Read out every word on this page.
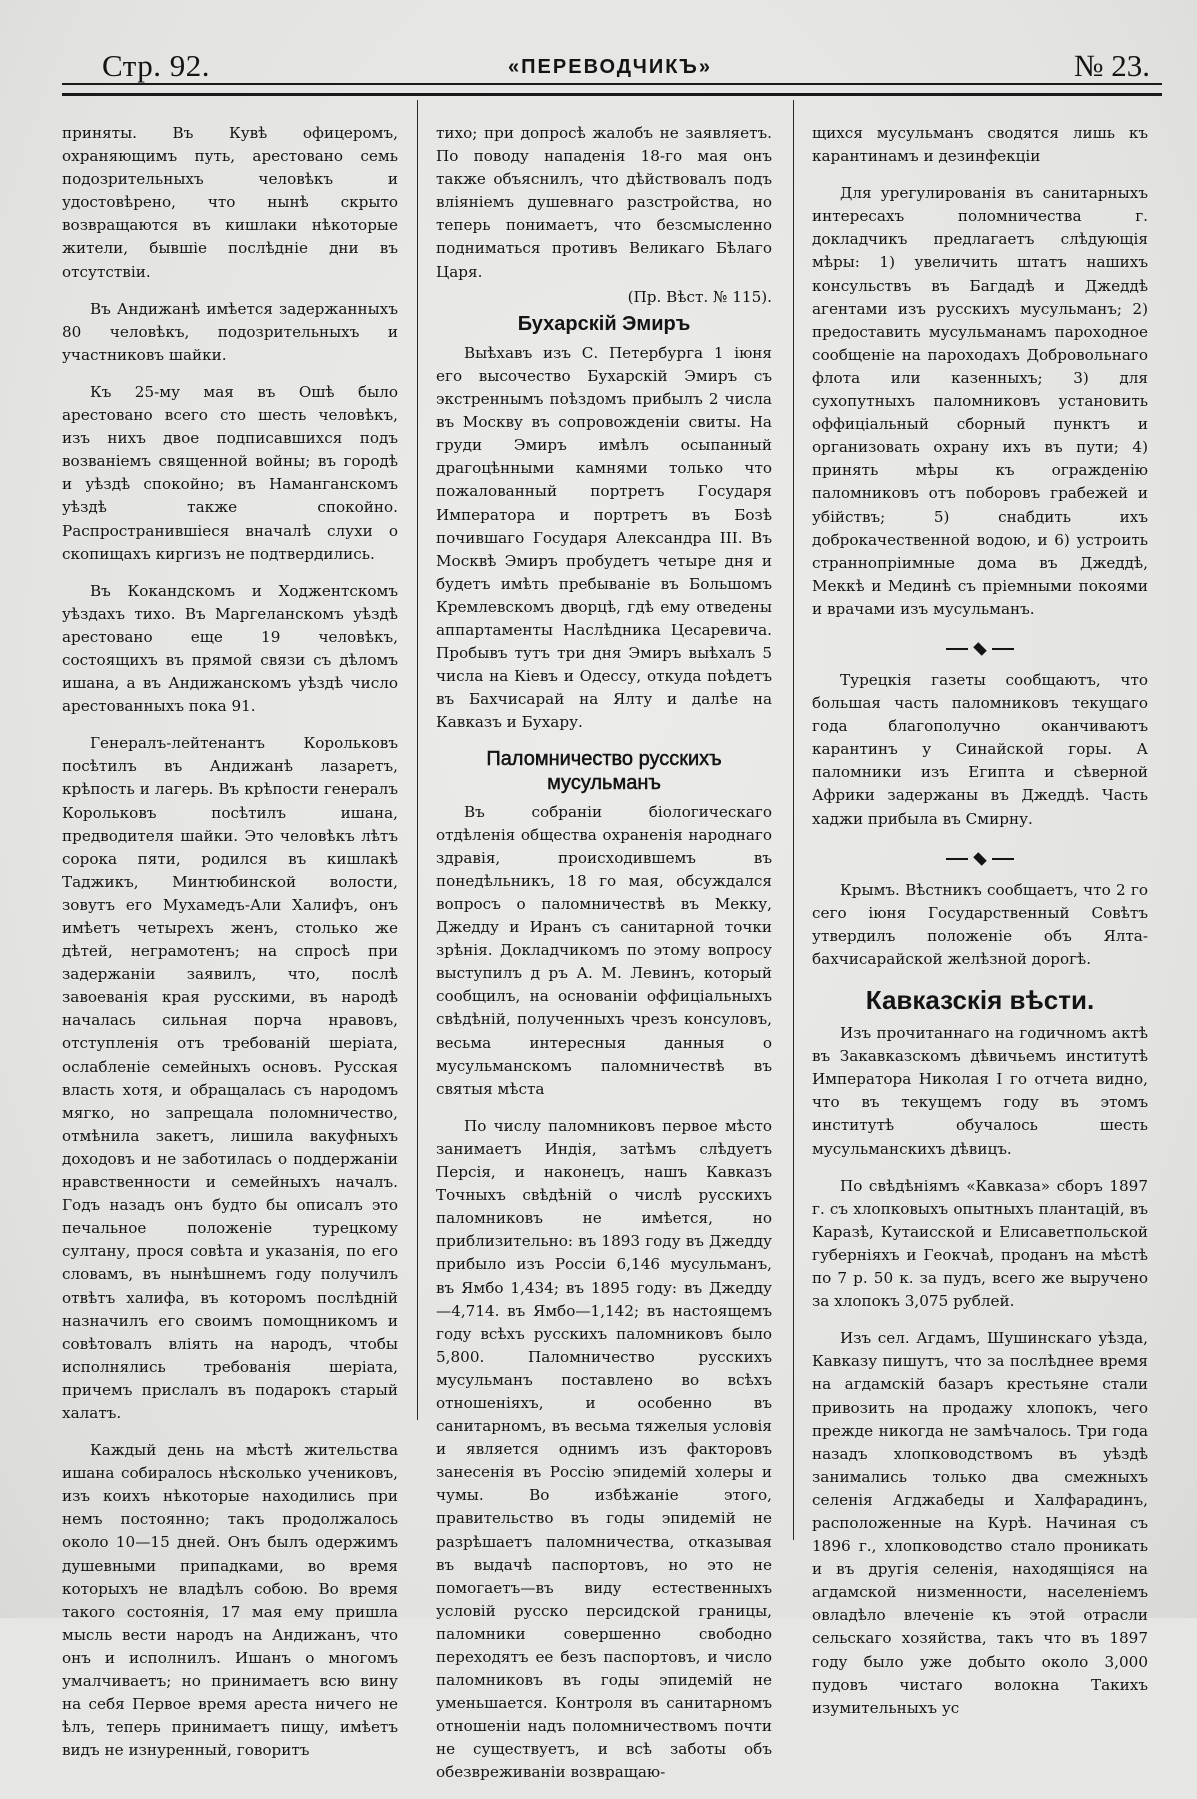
Стр. 92.	«ПЕРЕВОДЧИКЪ»	№ 23.

приняты. Въ Кувѣ офицеромъ, охраняющимъ путь, арестовано семь подозрительныхъ человѣкъ и удостовѣрено, что нынѣ скрыто возвращаются въ кишлаки нѣкоторые жители, бывшіе послѣдніе дни въ отсутствіи.

Въ Андижанѣ имѣется задержанныхъ 80 человѣкъ, подозрительныхъ и участниковъ шайки.

Къ 25-му мая въ Ошѣ было арестовано всего сто шесть человѣкъ, изъ нихъ двое подписавшихся подъ возваніемъ священной войны; въ городѣ и уѣздѣ спокойно; въ Наманганскомъ уѣздѣ также спокойно. Распространившіеся вначалѣ слухи о скопищахъ киргизъ не подтвердились.

Въ Кокандскомъ и Ходжентскомъ уѣздахъ тихо. Въ Маргеланскомъ уѣздѣ арестовано еще 19 человѣкъ, состоящихъ въ прямой связи съ дѣломъ ишана, а въ Андижанскомъ уѣздѣ число арестованныхъ пока 91.

Генералъ-лейтенантъ Корольковъ посѣтилъ въ Андижанѣ лазаретъ, крѣпость и лагерь. Въ крѣпости генералъ Корольковъ посѣтилъ ишана, предводителя шайки. Это человѣкъ лѣтъ сорока пяти, родился въ кишлакѣ Таджикъ, Минтюбинской волости, зовутъ его Мухамедъ-Али Халифъ, онъ имѣетъ четырехъ женъ, столько же дѣтей, неграмотенъ; на спросѣ при задержаніи заявилъ, что, послѣ завоеванія края русскими, въ народѣ началась сильная порча нравовъ, отступленія отъ требованій шеріата, ослабленіе семейныхъ основъ. Русская власть хотя, и обращалась съ народомъ мягко, но запрещала поломничество, отмѣнила закетъ, лишила вакуфныхъ доходовъ и не заботилась о поддержаніи нравственности и семейныхъ началъ. Годъ назадъ онъ будто бы описалъ это печальное положеніе турецкому султану, прося совѣта и указанія, по его словамъ, въ нынѣшнемъ году получилъ отвѣтъ халифа, въ которомъ послѣдній назначилъ его своимъ помощникомъ и совѣтовалъ вліять на народъ, чтобы исполнялись требованія шеріата, причемъ прислалъ въ подарокъ старый халатъ.

Каждый день на мѣстѣ жительства ишана собиралось нѣсколько учениковъ, изъ коихъ нѣкоторые находились при немъ постоянно; такъ продолжалось около 10—15 дней. Онъ былъ одержимъ душевными припадками, во время которыхъ не владѣлъ собою. Во время такого состоянія, 17 мая ему пришла мысль вести народъ на Андижанъ, что онъ и исполнилъ. Ишанъ о многомъ умалчиваетъ; но принимаетъ всю вину на себя Первое время ареста ничего не ѣлъ, теперь принимаетъ пищу, имѣетъ видъ не изнуренный, говоритъ

тихо; при допросѣ жалобъ не заявляетъ. По поводу нападенія 18-го мая онъ также объяснилъ, что дѣйствовалъ подъ вліяніемъ душевнаго разстройства, но теперь понимаетъ, что безсмысленно подниматься противъ Великаго Бѣлаго Царя.

(Пр. Вѣст. № 115).
Бухарскій Эмиръ

Выѣхавъ изъ С. Петербурга 1 іюня его высочество Бухарскій Эмиръ съ экстреннымъ поѣздомъ прибылъ 2 числа въ Москву въ сопровожденіи свиты. На груди Эмиръ имѣлъ осыпанный драгоцѣнными камнями только что пожалованный портретъ Государя Императора и портретъ въ Бозѣ почившаго Государя Александра III. Въ Москвѣ Эмиръ пробудетъ четыре дня и будетъ имѣть пребываніе въ Большомъ Кремлевскомъ дворцѣ, гдѣ ему отведены аппартаменты Наслѣдника Цесаревича. Пробывъ тутъ три дня Эмиръ выѣхалъ 5 числа на Кіевъ и Одессу, откуда поѣдетъ въ Бахчисарай на Ялту и далѣе на Кавказъ и Бухару.

Паломничество русскихъ мусульманъ

Въ собраніи біологическаго отдѣленія общества охраненія народнаго здравія, происходившемъ въ понедѣльникъ, 18 го мая, обсуждался вопросъ о паломничествѣ въ Мекку, Джедду и Иранъ съ санитарной точки зрѣнія. Докладчикомъ по этому вопросу выступилъ д ръ А. М. Левинъ, который сообщилъ, на основаніи оффиціальныхъ свѣдѣній, полученныхъ чрезъ консуловъ, весьма интересныя данныя о мусульманскомъ паломничествѣ въ святыя мѣста

По числу паломниковъ первое мѣсто занимаетъ Индія, затѣмъ слѣдуетъ Персія, и наконецъ, нашъ Кавказъ Точныхъ свѣдѣній о числѣ русскихъ паломниковъ не имѣется, но приблизительно: въ 1893 году въ Джедду прибыло изъ Россіи 6,146 мусульманъ, въ Ямбо 1,434; въ 1895 году: въ Джедду—4,714. въ Ямбо—1,142; въ настоящемъ году всѣхъ русскихъ паломниковъ было 5,800. Паломничество русскихъ мусульманъ поставлено во всѣхъ отношеніяхъ, и особенно въ санитарномъ, въ весьма тяжелыя условія и является однимъ изъ факторовъ занесенія въ Россію эпидемій холеры и чумы. Во избѣжаніе этого, правительство въ годы эпидемій не разрѣшаетъ паломничества, отказывая въ выдачѣ паспортовъ, но это не помогаетъ—въ виду естественныхъ условій русско персидской границы, паломники совершенно свободно переходятъ ее безъ паспортовъ, и число паломниковъ въ годы эпидемій не уменьшается. Контроля въ санитарномъ отношеніи надъ поломничествомъ почти не существуетъ, и всѣ заботы объ обезвреживаніи возвращаю-

щихся мусульманъ сводятся лишь къ карантинамъ и дезинфекціи

Для урегулированія въ санитарныхъ интересахъ поломничества г. докладчикъ предлагаетъ слѣдующія мѣры: 1) увеличить штатъ нашихъ консульствъ въ Багдадѣ и Джеддѣ агентами изъ русскихъ мусульманъ; 2) предоставить мусульманамъ пароходное сообщеніе на пароходахъ Добровольнаго флота или казенныхъ; 3) для сухопутныхъ паломниковъ установить оффиціальный сборный пунктъ и организовать охрану ихъ въ пути; 4) принять мѣры къ огражденію паломниковъ отъ поборовъ грабежей и убійствъ; 5) снабдить ихъ доброкачественной водою, и 6) устроить страннопріимные дома въ Джеддѣ, Меккѣ и Мединѣ съ пріемными покоями и врачами изъ мусульманъ.

Турецкія газеты сообщаютъ, что большая часть паломниковъ текущаго года благополучно оканчиваютъ карантинъ у Синайской горы. А паломники изъ Египта и сѣверной Африки задержаны въ Джеддѣ. Часть хаджи прибыла въ Смирну.

Крымъ. Вѣстникъ сообщаетъ, что 2 го сего іюня Государственный Совѣтъ утвердилъ положеніе объ Ялта-бахчисарайской желѣзной дорогѣ.

Кавказскія вѣсти.

Изъ прочитаннаго на годичномъ актѣ въ Закавказскомъ дѣвичьемъ институтѣ Императора Николая I го отчета видно, что въ текущемъ году въ этомъ институтѣ обучалось шесть мусульманскихъ дѣвицъ.

По свѣдѣніямъ «Кавказа» сборъ 1897 г. съ хлопковыхъ опытныхъ плантацій, въ Каразѣ, Кутаисской и Елисаветпольской губерніяхъ и Геокчаѣ, проданъ на мѣстѣ по 7 р. 50 к. за пудъ, всего же выручено за хлопокъ 3,075 рублей.

Изъ сел. Агдамъ, Шушинскаго уѣзда, Кавказу пишутъ, что за послѣднее время на агдамскій базаръ крестьяне стали привозить на продажу хлопокъ, чего прежде никогда не замѣчалось. Три года назадъ хлопководствомъ въ уѣздѣ занимались только два смежныхъ селенія Агджабеды и Халфарадинъ, расположенные на Курѣ. Начиная съ 1896 г., хлопководство стало проникать и въ другія селенія, находящіяся на агдамской низменности, населеніемъ овладѣло влеченіе къ этой отрасли сельскаго хозяйства, такъ что въ 1897 году было уже добыто около 3,000 пудовъ чистаго волокна Такихъ изумительныхъ ус
